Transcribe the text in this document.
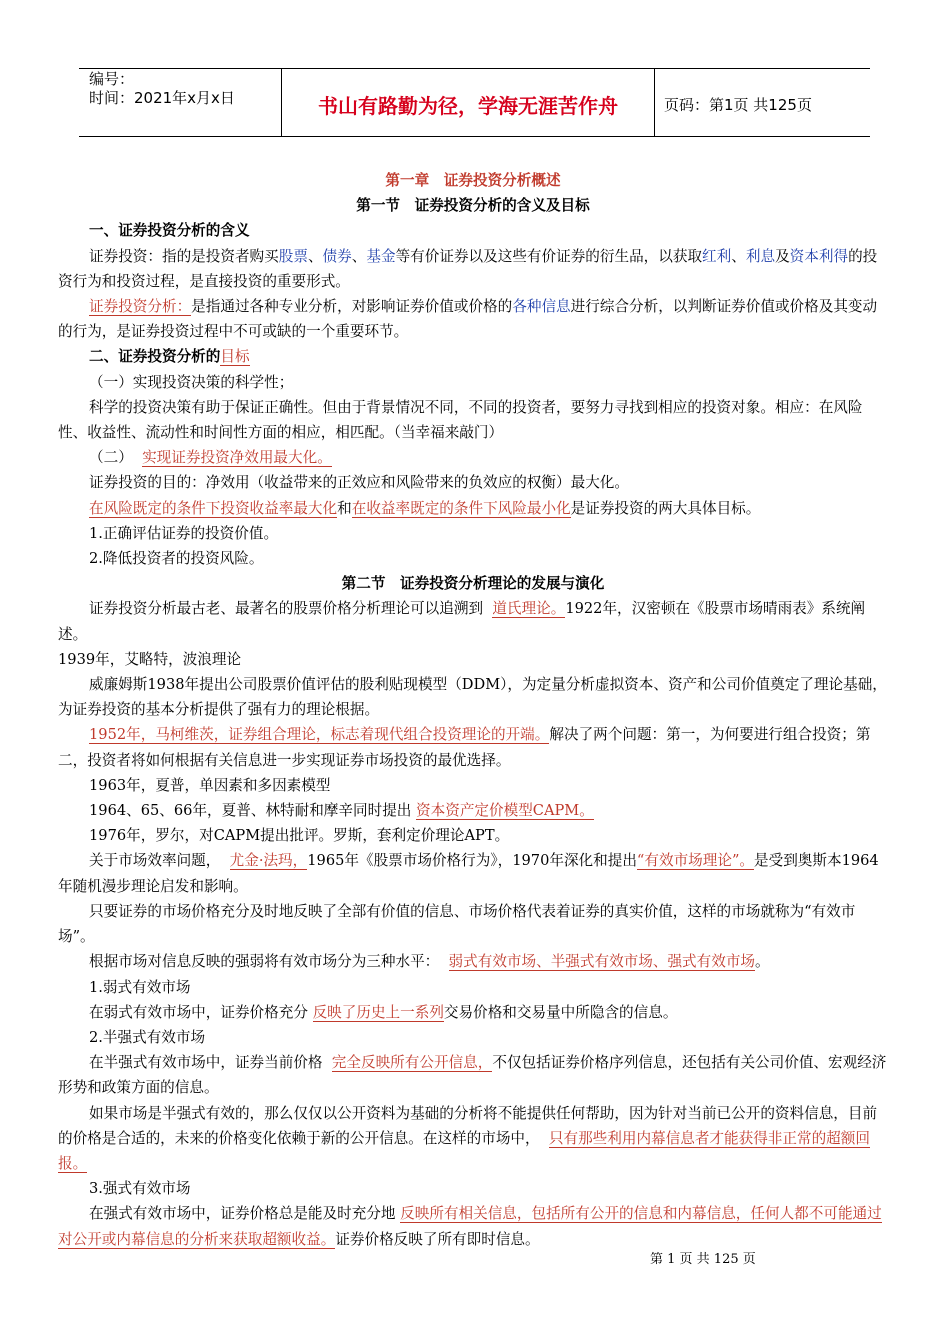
编号：
时间：2021年x月x日	书山有路勤为径，学海无涯苦作舟	页码：第1页 共125页

第一章　证券投资分析概述

第一节　证券投资分析的含义及目标

一、证券投资分析的含义

证券投资：指的是投资者购买股票、债券、基金等有价证券以及这些有价证券的衍生品，以获取红利、利息及资本利得的投资行为和投资过程，是直接投资的重要形式。

证券投资分析：是指通过各种专业分析，对影响证券价值或价格的各种信息进行综合分析，以判断证券价值或价格及其变动的行为，是证券投资过程中不可或缺的一个重要环节。

二、证券投资分析的目标

（一）实现投资决策的科学性；

科学的投资决策有助于保证正确性。但由于背景情况不同，不同的投资者，要努力寻找到相应的投资对象。相应：在风险性、收益性、流动性和时间性方面的相应，相匹配。（当幸福来敲门）

（二） 实现证券投资净效用最大化。

证券投资的目的：净效用（收益带来的正效应和风险带来的负效应的权衡）最大化。

在风险既定的条件下投资收益率最大化和在收益率既定的条件下风险最小化是证券投资的两大具体目标。

1.正确评估证券的投资价值。

2.降低投资者的投资风险。

第二节　证券投资分析理论的发展与演化

证券投资分析最古老、最著名的股票价格分析理论可以追溯到 道氏理论。1922年，汉密顿在《股票市场晴雨表》系统阐述。

1939年，艾略特，波浪理论

威廉姆斯1938年提出公司股票价值评估的股利贴现模型（DDM），为定量分析虚拟资本、资产和公司价值奠定了理论基础，为证券投资的基本分析提供了强有力的理论根据。

1952年，马柯维茨，证券组合理论，标志着现代组合投资理论的开端。解决了两个问题：第一，为何要进行组合投资；第二，投资者将如何根据有关信息进一步实现证券市场投资的最优选择。

1963年，夏普，单因素和多因素模型

1964、65、66年，夏普、林特耐和摩辛同时提出 资本资产定价模型CAPM。

1976年，罗尔，对CAPM提出批评。罗斯，套利定价理论APT。

关于市场效率问题， 尤金·法玛，1965年《股票市场价格行为》，1970年深化和提出“有效市场理论”。是受到奥斯本1964年随机漫步理论启发和影响。

只要证券的市场价格充分及时地反映了全部有价值的信息、市场价格代表着证券的真实价值，这样的市场就称为“有效市场”。

根据市场对信息反映的强弱将有效市场分为三种水平： 弱式有效市场、半强式有效市场、强式有效市场。

1.弱式有效市场

在弱式有效市场中，证券价格充分 反映了历史上一系列交易价格和交易量中所隐含的信息。

2.半强式有效市场

在半强式有效市场中，证券当前价格 完全反映所有公开信息，不仅包括证券价格序列信息，还包括有关公司价值、宏观经济形势和政策方面的信息。

如果市场是半强式有效的，那么仅仅以公开资料为基础的分析将不能提供任何帮助，因为针对当前已公开的资料信息，目前的价格是合适的，未来的价格变化依赖于新的公开信息。在这样的市场中， 只有那些利用内幕信息者才能获得非正常的超额回报。

3.强式有效市场

在强式有效市场中，证券价格总是能及时充分地 反映所有相关信息，包括所有公开的信息和内幕信息，任何人都不可能通过对公开或内幕信息的分析来获取超额收益。证券价格反映了所有即时信息。

第 1 页 共 125 页
